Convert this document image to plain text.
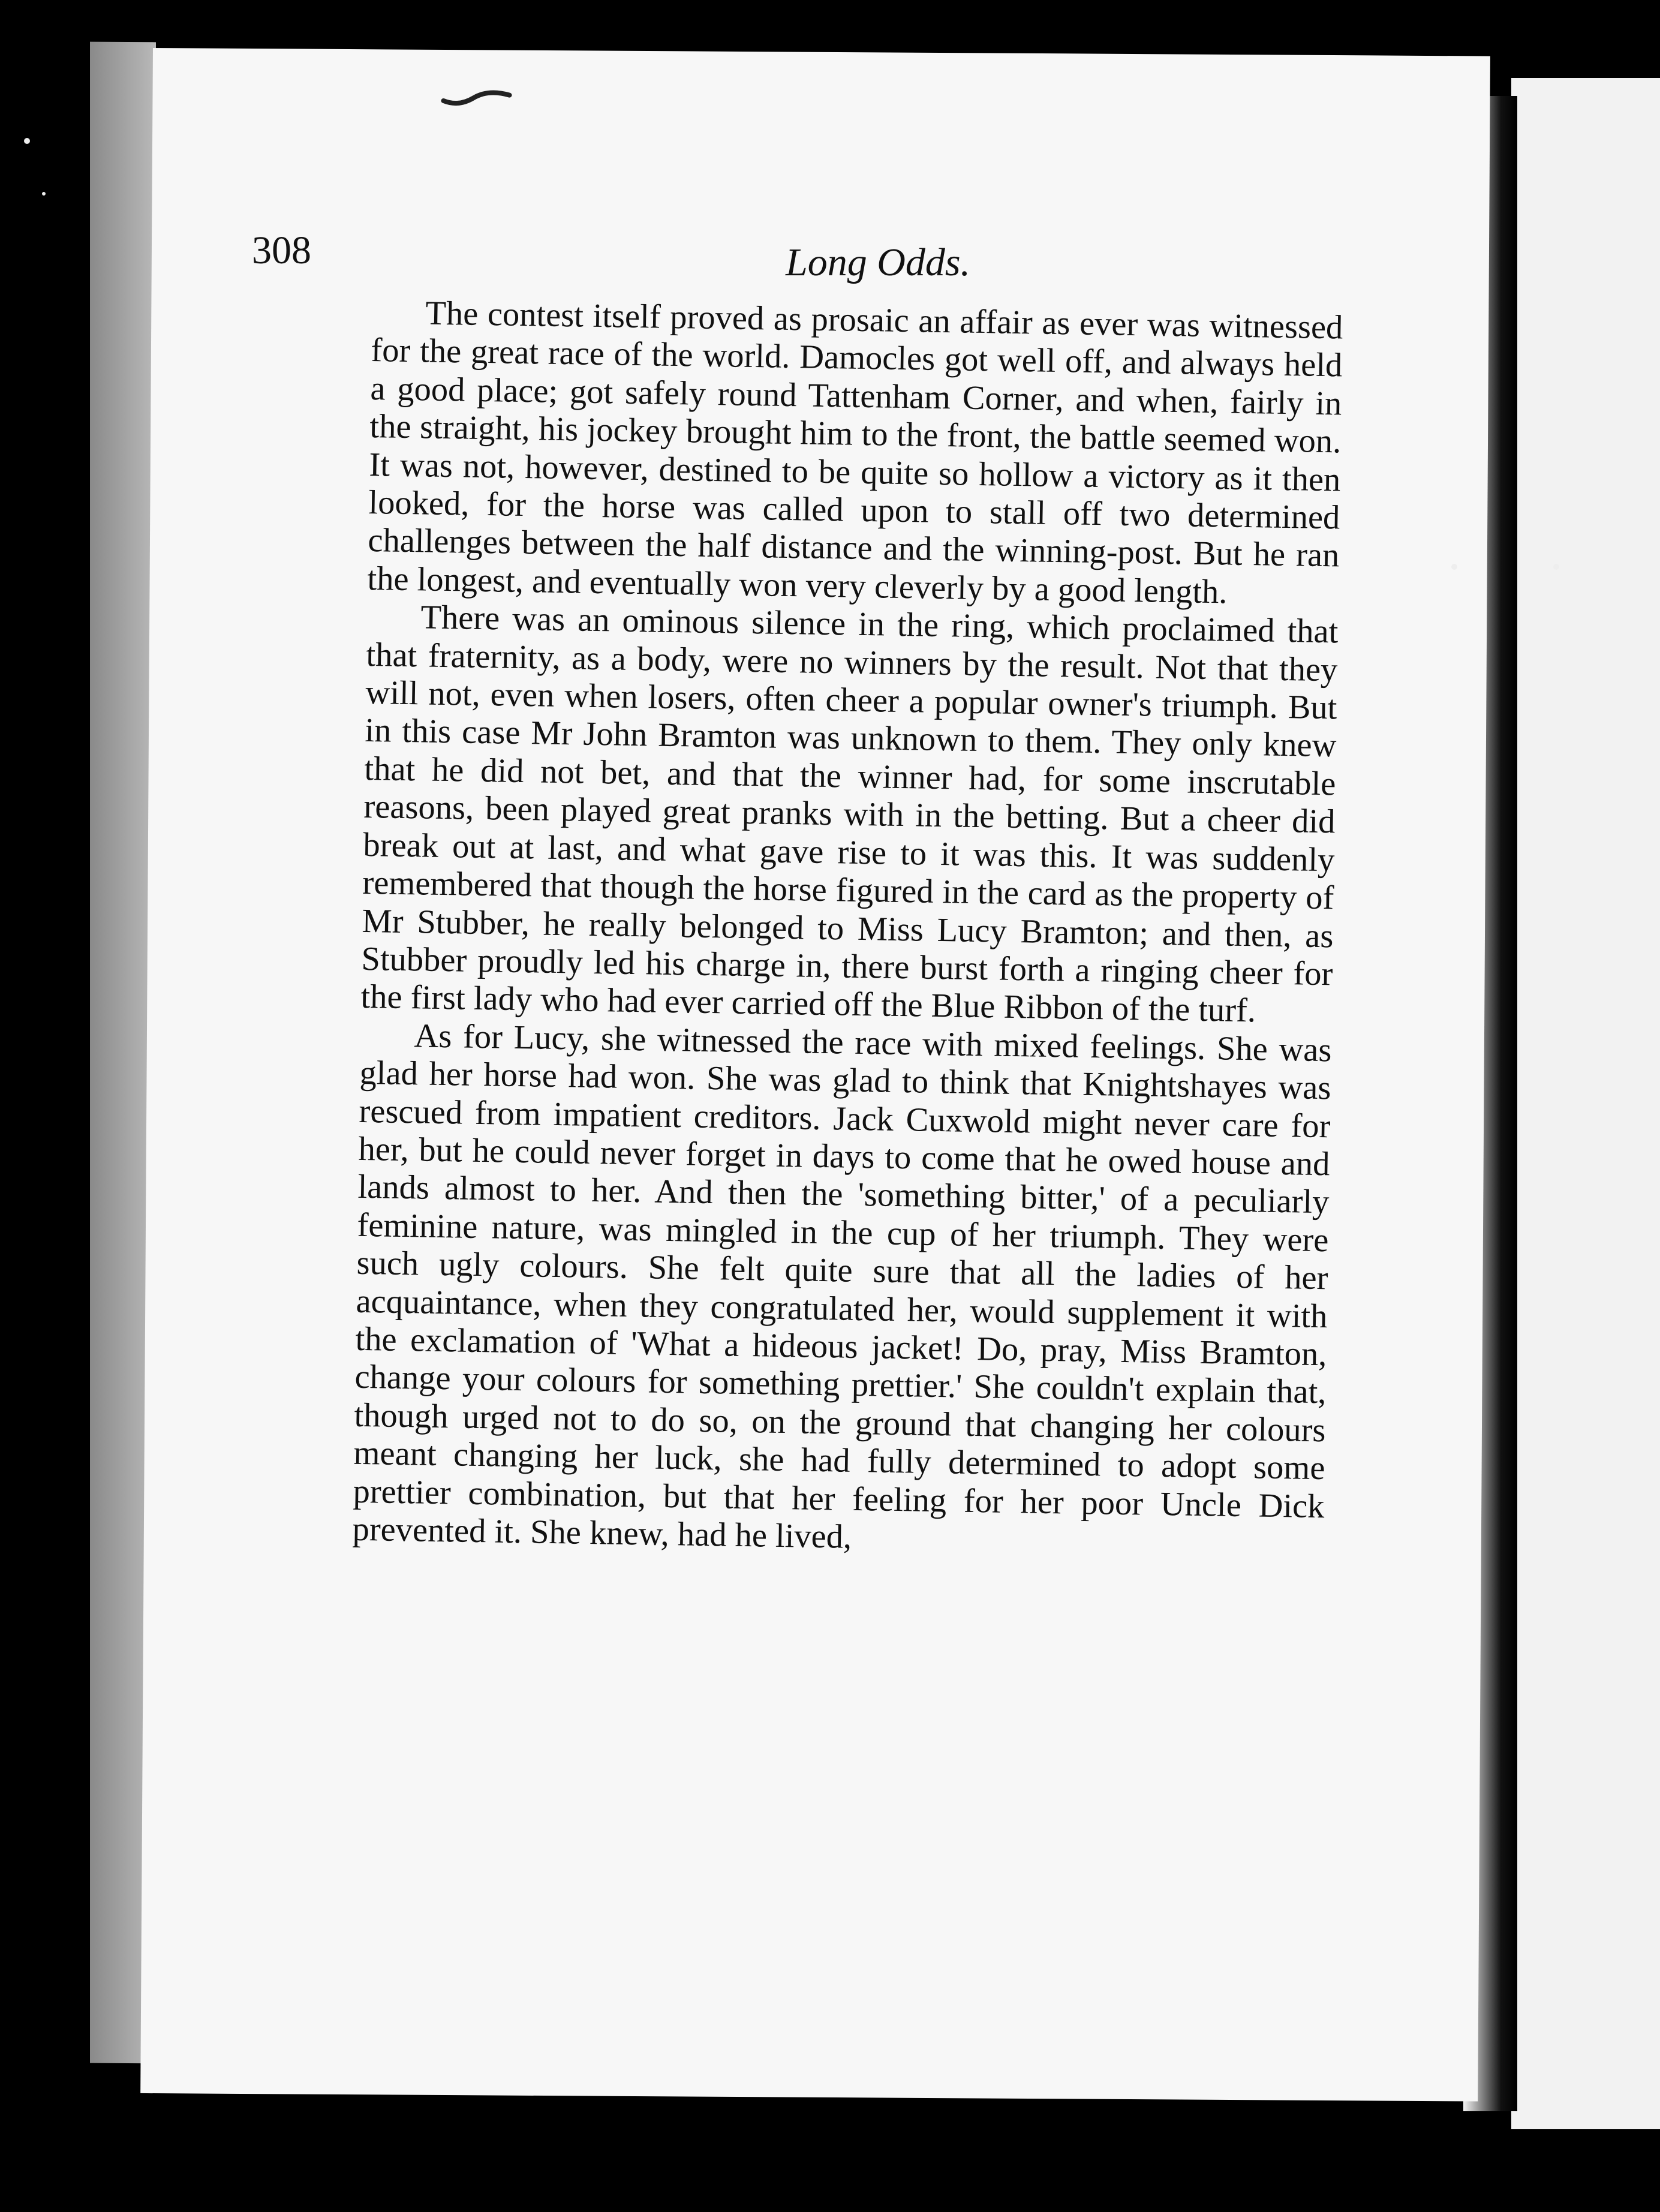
308	Long Odds.

The contest itself proved as prosaic an affair as ever was witnessed for the great race of the world. Damocles got well off, and always held a good place; got safely round Tattenham Corner, and when, fairly in the straight, his jockey brought him to the front, the battle seemed won. It was not, however, destined to be quite so hollow a victory as it then looked, for the horse was called upon to stall off two determined challenges between the half distance and the winning-post. But he ran the longest, and eventually won very cleverly by a good length.

There was an ominous silence in the ring, which proclaimed that that fraternity, as a body, were no winners by the result. Not that they will not, even when losers, often cheer a popular owner's triumph. But in this case Mr John Bramton was unknown to them. They only knew that he did not bet, and that the winner had, for some inscrutable reasons, been played great pranks with in the betting. But a cheer did break out at last, and what gave rise to it was this. It was suddenly remembered that though the horse figured in the card as the property of Mr Stubber, he really belonged to Miss Lucy Bramton; and then, as Stubber proudly led his charge in, there burst forth a ringing cheer for the first lady who had ever carried off the Blue Ribbon of the turf.

As for Lucy, she witnessed the race with mixed feelings. She was glad her horse had won. She was glad to think that Knightshayes was rescued from impatient creditors. Jack Cuxwold might never care for her, but he could never forget in days to come that he owed house and lands almost to her. And then the 'something bitter,' of a peculiarly feminine nature, was mingled in the cup of her triumph. They were such ugly colours. She felt quite sure that all the ladies of her acquaintance, when they congratulated her, would supplement it with the exclamation of 'What a hideous jacket! Do, pray, Miss Bramton, change your colours for something prettier.' She couldn't explain that, though urged not to do so, on the ground that changing her colours meant changing her luck, she had fully determined to adopt some prettier combination, but that her feeling for her poor Uncle Dick prevented it. She knew, had he lived,
